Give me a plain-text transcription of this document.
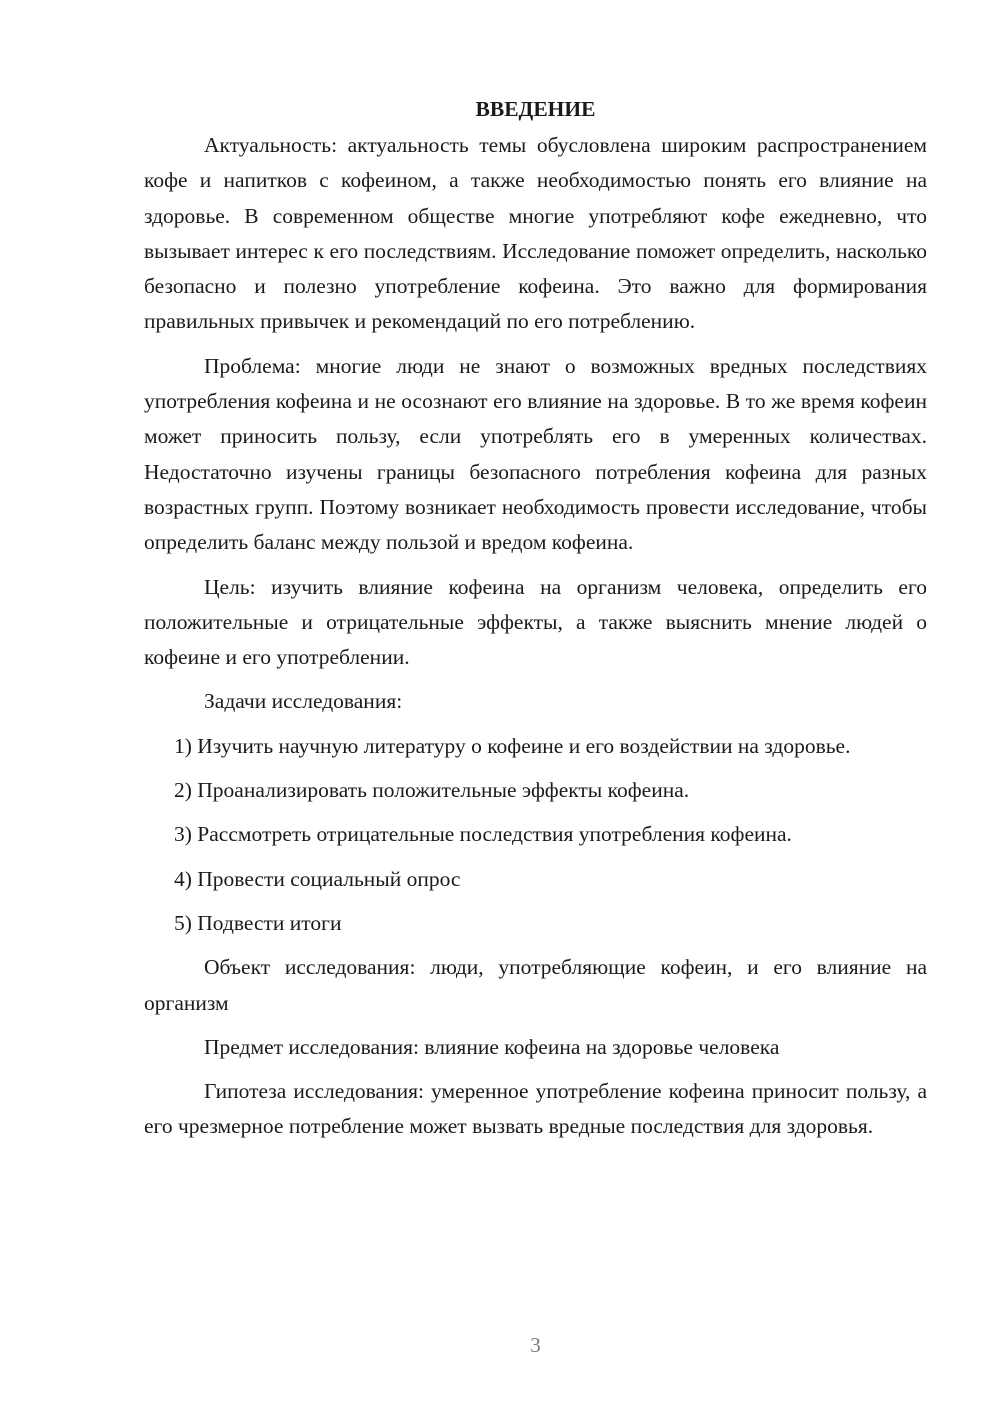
ВВЕДЕНИЕ

Актуальность: актуальность темы обусловлена широким распространением кофе и напитков с кофеином, а также необходимостью понять его влияние на здоровье. В современном обществе многие употребляют кофе ежедневно, что вызывает интерес к его последствиям. Исследование поможет определить, насколько безопасно и полезно употребление кофеина. Это важно для формирования правильных привычек и рекомендаций по его потреблению.

Проблема: многие люди не знают о возможных вредных последствиях употребления кофеина и не осознают его влияние на здоровье. В то же время кофеин может приносить пользу, если употреблять его в умеренных количествах. Недостаточно изучены границы безопасного потребления кофеина для разных возрастных групп. Поэтому возникает необходимость провести исследование, чтобы определить баланс между пользой и вредом кофеина.

Цель: изучить влияние кофеина на организм человека, определить его положительные и отрицательные эффекты, а также выяснить мнение людей о кофеине и его употреблении.

Задачи исследования:

1) Изучить научную литературу о кофеине и его воздействии на здоровье.

2) Проанализировать положительные эффекты кофеина.

3) Рассмотреть отрицательные последствия употребления кофеина.

4) Провести социальный опрос

5) Подвести итоги

Объект исследования: люди, употребляющие кофеин, и его влияние на организм

Предмет исследования: влияние кофеина на здоровье человека

Гипотеза исследования: умеренное употребление кофеина приносит пользу, а его чрезмерное потребление может вызвать вредные последствия для здоровья.

3
